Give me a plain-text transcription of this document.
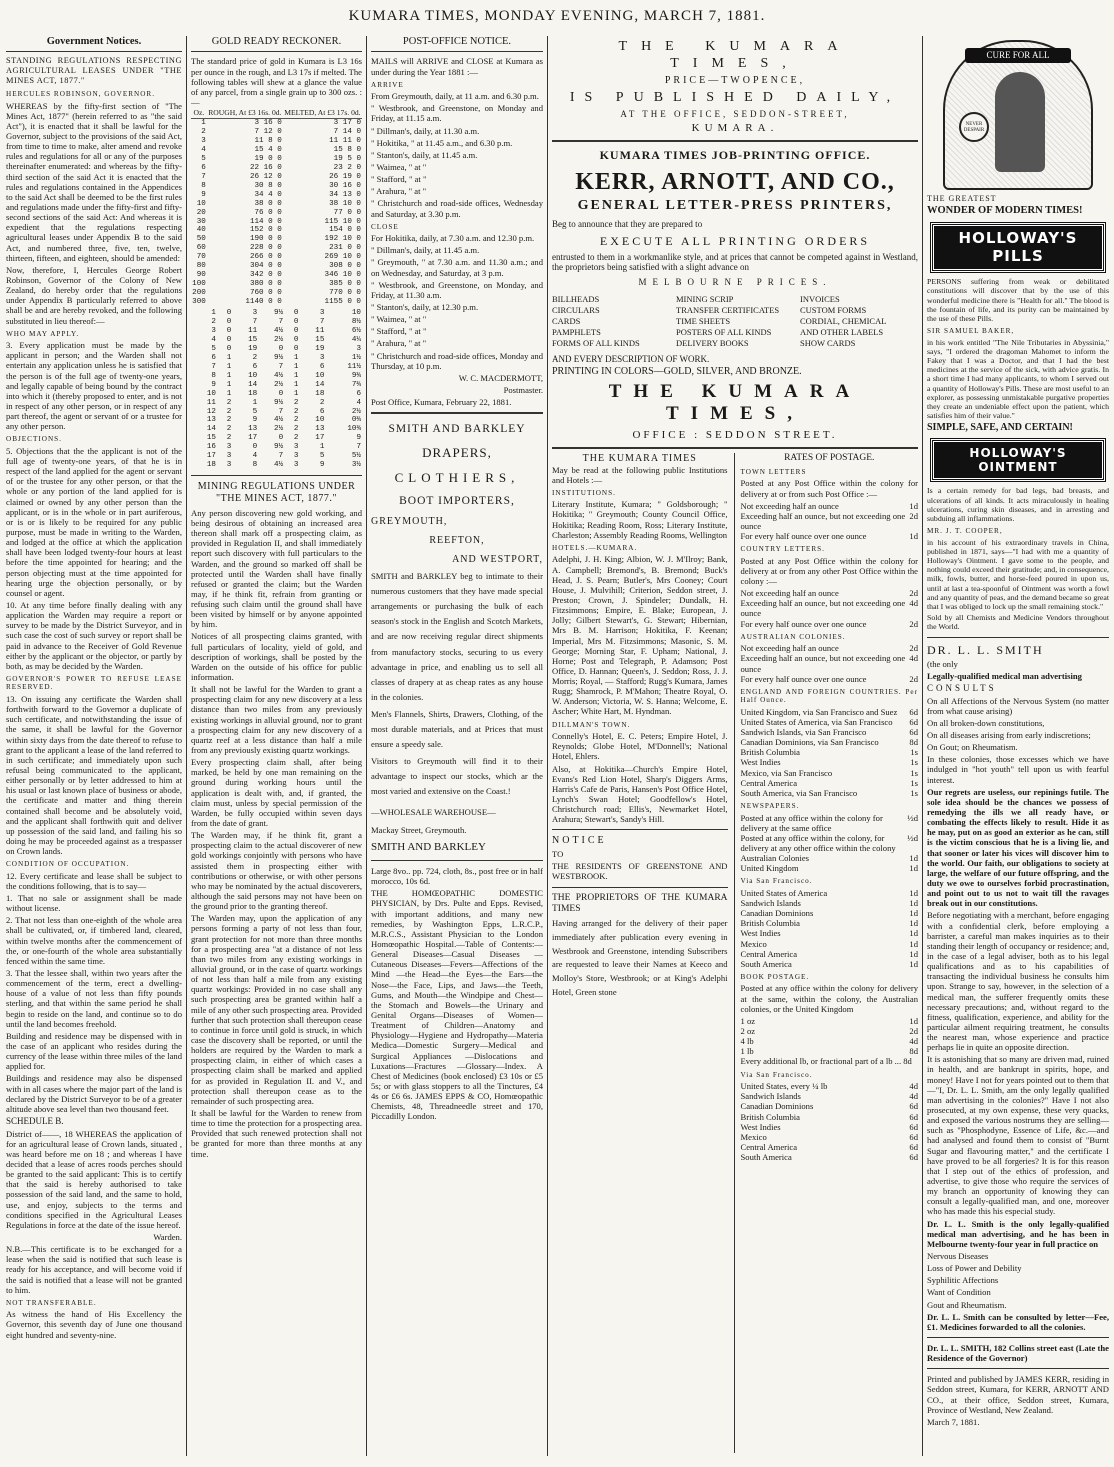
KUMARA TIMES, MONDAY EVENING, MARCH 7, 1881.
Government Notices.

STANDING REGULATIONS RESPECTING AGRICULTURAL LEASES UNDER "THE MINES ACT, 1877."

HERCULES ROBINSON, GOVERNOR.

WHEREAS by the fifty-first section of "The Mines Act, 1877" (herein referred to as "the said Act"), it is enacted that it shall be lawful for the Governor, subject to the provisions of the said Act, from time to time to make, alter amend and revoke rules and regulations for all or any of the purposes thereinafter enumerated: and whereas by the fifty-third section of the said Act it is enacted that the rules and regulations contained in the Appendices to the said Act shall be deemed to be the first rules and regulations made under the fifty-first and fifty-second sections of the said Act: And whereas it is expedient that the regulations respecting agricultural leases under Appendix B to the said Act, and numbered three, five, ten, twelve, thirteen, fifteen, and eighteen, should be amended:

Now, therefore, I, Hercules George Robert Robinson, Governor of the Colony of New Zealand, do hereby order that the regulations under Appendix B particularly referred to above shall be and are hereby revoked, and the following substituted in lieu thereof:—

WHO MAY APPLY.

3. Every application must be made by the applicant in person; and the Warden shall not entertain any application unless he is satisfied that the person is of the full age of twenty-one years, and legally capable of being bound by the contract into which it (thereby proposed to enter, and is not in respect of any other person, or in respect of any part thereof, the agent or servant of or a trustee for any other person.

OBJECTIONS.

5. Objections that the the applicant is not of the full age of twenty-one years, of that he is in respect of the land applied for the agent or servant of or the trustee for any other person, or that the whole or any portion of the land applied for is claimed or owned by any other person than the applicant, or is in the whole or in part auriferous, or is or is likely to be required for any public purpose, must be made in writing to the Warden, and lodged at the office at which the application shall have been lodged twenty-four hours at least before the time appointed for hearing; and the person objecting must at the time appointed for hearing urge the objection personally, or by counsel or agent.

10. At any time before finally dealing with any application the Warden may require a report or survey to be made by the District Surveyor, and in such case the cost of such survey or report shall be paid in advance to the Receiver of Gold Revenue either by the applicant or the objector, or partly by both, as may be decided by the Warden.

GOVERNOR'S POWER TO REFUSE LEASE RESERVED.

13. On issuing any certificate the Warden shall forthwith forward to the Governor a duplicate of such certificate, and notwithstanding the issue of the same, it shall be lawful for the Governor within sixty days from the date thereof to refuse to grant to the applicant a lease of the land referred to in such certificate; and immediately upon such refusal being communicated to the applicant, either personally or by letter addressed to him at his usual or last known place of business or abode, the certificate and matter and thing therein contained shall become and be absolutely void, and the applicant shall forthwith quit and deliver up possession of the said land, and failing his so doing he may be proceeded against as a trespasser on Crown lands.

CONDITION OF OCCUPATION.

12. Every certificate and lease shall be subject to the conditions following, that is to say—

1. That no sale or assignment shall be made without license.

2. That not less than one-eighth of the whole area shall be cultivated, or, if timbered land, cleared, within twelve months after the commencement of the, or one-fourth of the whole area substantially fenced within the same time.

3. That the lessee shall, within two years after the commencement of the term, erect a dwelling-house of a value of not less than fifty pounds sterling, and that within the same period he shall begin to reside on the land, and continue so to do until the land becomes freehold.

Building and residence may be dispensed with in the case of an applicant who resides during the currency of the lease within three miles of the land applied for.

Buildings and residence may also be dispensed with in all cases where the major part of the land is declared by the District Surveyor to be of a greater altitude above sea level than two thousand feet.

SCHEDULE B.

District of——, 18 WHEREAS the application of for an agricultural lease of Crown lands, situated , was heard before me on 18 ; and whereas I have decided that a lease of acres roods perches should be granted to the said applicant: This is to certify that the said is hereby authorised to take possession of the said land, and the same to hold, use, and enjoy, subjects to the terms and conditions specified in the Agricultural Leases Regulations in force at the date of the issue hereof.

Warden.

N.B.—This certificate is to be exchanged for a lease when the said is notified that such lease is ready for his acceptance, and will become void if the said is notified that a lease will not be granted to him.

NOT TRANSFERABLE.

As witness the hand of His Excellency the Governor, this seventh day of June one thousand eight hundred and seventy-nine.

GOLD READY RECKONER.

The standard price of gold in Kumara is L3 16s per ounce in the rough, and L3 17s if melted. The following tables will shew at a glance the value of any parcel, from a single grain up to 300 ozs. :—

Oz.	ROUGH, At £3 16s. 0d.	MELTED, At £3 17s. 0d.
1	3 16 0	3 17 0
2	7 12 0	7 14 0
3	11 8 0	11 11 0
4	15 4 0	15 8 0
5	19 0 0	19 5 0
6	22 16 0	23 2 0
7	26 12 0	26 19 0
8	30 8 0	30 16 0
9	34 4 0	34 13 0
10	38 0 0	38 10 0
20	76 0 0	77 0 0
30	114 0 0	115 10 0
40	152 0 0	154 0 0
50	190 0 0	192 10 0
60	228 0 0	231 0 0
70	266 0 0	269 10 0
80	304 0 0	308 0 0
90	342 0 0	346 10 0
100	380 0 0	385 0 0
200	760 0 0	770 0 0
300	1140 0 0	1155 0 0
1	0	3	9½	0	3	10
2	0	7	7	0	7	8½
3	0	11	4½	0	11	6½
4	0	15	2½	0	15	4¼
5	0	19	0	0	19	3
6	1	2	9½	1	3	1½
7	1	6	7	1	6	11½
8	1	10	4½	1	10	9¾
9	1	14	2½	1	14	7¾
10	1	18	0	1	18	6
11	2	1	9½	2	2	4
12	2	5	7	2	6	2½
13	2	9	4½	2	10	0¾
14	2	13	2½	2	13	10¾
15	2	17	0	2	17	9
16	3	0	9½	3	1	7
17	3	4	7	3	5	5½
18	3	8	4½	3	9	3½
MINING REGULATIONS UNDER "THE MINES ACT, 1877."

Any person discovering new gold working, and being desirous of obtaining an increased area thereon shall mark off a prospecting claim, as provided in Regulation II, and shall immediately report such discovery with full particulars to the Warden, and the ground so marked off shall be protected until the Warden shall have finally refused or granted the claim; but the Warden may, if he think fit, refrain from granting or refusing such claim until the ground shall have been visited by himself or by anyone appointed by him.

Notices of all prospecting claims granted, with full particulars of locality, yield of gold, and description of workings, shall be posted by the Warden on the outside of his office for public information.

It shall not be lawful for the Warden to grant a prospecting claim for any new discovery at a less distance than two miles from any previously existing workings in alluvial ground, nor to grant a prospecting claim for any new discovery of a quartz reef at a less distance than half a mile from any previously existing quartz workings.

Every prospecting claim shall, after being marked, be held by one man remaining on the ground during working hours until the application is dealt with, and, if granted, the claim must, unless by special permission of the Warden, be fully occupied within seven days from the date of grant.

The Warden may, if he think fit, grant a prospecting claim to the actual discoverer of new gold workings conjointly with persons who have assisted them in prospecting either with contributions or otherwise, or with other persons who may be nominated by the actual discoverers, although the said persons may not have been on the ground prior to the granting thereof.

The Warden may, upon the application of any persons forming a party of not less than four, grant protection for not more than three months for a prospecting area "at a distance of not less than two miles from any existing workings in alluvial ground, or in the case of quartz workings of not less than half a mile from any existing quartz workings: Provided in no case shall any such prospecting area be granted within half a mile of any other such prospecting area. Provided further that such protection shall thereupon cease to continue in force until gold is struck, in which case the discovery shall be reported, or until the holders are required by the Warden to mark a prospecting claim, in either of which cases a prospecting claim shall be marked and applied for as provided in Regulation II. and V., and protection shall thereupon cease as to the remainder of such prospecting area.

It shall be lawful for the Warden to renew from time to time the protection for a prospecting area. Provided that such renewed protection shall not be granted for more than three months at any time.

POST-OFFICE NOTICE.

MAILS will ARRIVE and CLOSE at Kumara as under during the Year 1881 :—

ARRIVE

From Greymouth, daily, at 11 a.m. and 6.30 p.m.

" Westbrook, and Greenstone, on Monday and Friday, at 11.15 a.m.

" Dillman's, daily, at 11.30 a.m.

" Hokitika, " at 11.45 a.m., and 6.30 p.m.

" Stanton's, daily, at 11.45 a.m.

" Waimea, " at "

" Stafford, " at "

" Arahura, " at "

" Christchurch and road-side offices, Wednesday and Saturday, at 3.30 p.m.

CLOSE

For Hokitika, daily, at 7.30 a.m. and 12.30 p.m.

" Dillman's, daily, at 11.45 a.m.

" Greymouth, " at 7.30 a.m. and 11.30 a.m.; and on Wednesday, and Saturday, at 3 p.m.

" Westbrook, and Greenstone, on Monday, and Friday, at 11.30 a.m.

" Stanton's, daily, at 12.30 p.m.

" Waimea, " at "

" Stafford, " at "

" Arahura, " at "

" Christchurch and road-side offices, Monday and Thursday, at 10 p.m.

W. C. MACDERMOTT,

Postmaster.

Post Office, Kumara, February 22, 1881.

SMITH AND BARKLEY
DRAPERS,
CLOTHIERS,
BOOT IMPORTERS,
GREYMOUTH,
REEFTON,
AND WESTPORT,

SMITH and BARKLEY beg to intimate to their numerous customers that they have made special arrangements or purchasing the bulk of each season's stock in the English and Scotch Markets, and are now receiving regular direct shipments from manufactory stocks, securing to us every advantage in price, and enabling us to sell all classes of drapery at as cheap rates as any house in the colonies.

Men's Flannels, Shirts, Drawers, Clothing, of the most durable materials, and at Prices that must ensure a speedy sale.

Visitors to Greymouth will find it to their advantage to inspect our stocks, which ar the most varied and extensive on the Coast.!

—WHOLESALE WAREHOUSE—

Mackay Street, Greymouth.

SMITH AND BARKLEY

Large 8vo.. pp. 724, cloth, 8s., post free or in half morocco, 10s 6d.

THE HOMŒOPATHIC DOMESTIC PHYSICIAN, by Drs. Pulte and Epps. Revised, with important additions, and many new remedies, by Washington Epps, L.R.C.P., M.R.C.S., Assistant Physician to the London Homœopathic Hospital.—Table of Contents:—General Diseases—Casual Diseases — Cutaneous Diseases—Fevers—Affections of the Mind —the Head—the Eyes—the Ears—the Nose—the Face, Lips, and Jaws—the Teeth, Gums, and Mouth—the Windpipe and Chest—the Stomach and Bowels—the Urinary and Genital Organs—Diseases of Women—Treatment of Children—Anatomy and Physiology—Hygiene and Hydropathy—Materia Medica—Domestic Surgery—Medical and Surgical Appliances —Dislocations and Luxations—Fractures —Glossary—Index. A Chest of Medicines (book enclosed) £3 10s or £5 5s; or with glass stoppers to all the Tinctures, £4 4s or £6 6s. JAMES EPPS & CO, Homœopathic Chemists, 48, Threadneedle street and 170, Piccadilly London.

THE KUMARA TIMES,
PRICE—TWOPENCE,
IS PUBLISHED DAILY,
AT THE OFFICE, SEDDON-STREET,
KUMARA.
KUMARA TIMES JOB-PRINTING OFFICE.
KERR, ARNOTT, AND CO.,
GENERAL LETTER-PRESS PRINTERS,

Beg to announce that they are prepared to

EXECUTE ALL PRINTING ORDERS

entrusted to them in a workmanlike style, and at prices that cannot be competed against in Westland, the proprietors being satisfied with a slight advance on

MELBOURNE PRICES.
BILLHEADS	MINING SCRIP	INVOICES
CIRCULARS	TRANSFER CERTIFICATES	CUSTOM FORMS
CARDS	TIME SHEETS	CORDIAL, CHEMICAL
PAMPHLETS	POSTERS OF ALL KINDS	AND OTHER LABELS
FORMS OF ALL KINDS	DELIVERY BOOKS	SHOW CARDS

AND EVERY DESCRIPTION OF WORK.

PRINTING IN COLORS—GOLD, SILVER, AND BRONZE.

THE KUMARA TIMES,
OFFICE : SEDDON STREET.
THE KUMARA TIMES

May be read at the following public Institutions and Hotels :—

INSTITUTIONS.

Literary Institute, Kumara; " Goldsborough; " Hokitika; " Greymouth; County Council Office, Hokitika; Reading Room, Ross; Literary Institute, Charleston; Assembly Reading Rooms, Wellington

HOTELS.—KUMARA.

Adelphi, J. H. King; Albion, W. J. M'Ilroy; Bank, A. Campbell; Bremond's, B. Bremond; Buck's Head, J. S. Pearn; Butler's, Mrs Cooney; Court House, J. Mulvihill; Criterion, Seddon street, J. Preston; Crown, J. Spindeler; Dundalk, H. Fitzsimmons; Empire, E. Blake; European, J. Jolly; Gilbert Stewart's, G. Stewart; Hibernian, Mrs B. M. Harrison; Hokitika, F. Keenan; Imperial, Mrs M. Fitzsimmons; Masonic, S. M. George; Morning Star, F. Upham; National, J. Horne; Post and Telegraph, P. Adamson; Post Office, D. Hannan; Queen's, J. Seddon; Ross, J. J. Morris; Royal, — Stafford; Rugg's Kumara, James Rugg; Shamrock, P. M'Mahon; Theatre Royal, O. W. Anderson; Victoria, W. S. Hanna; Welcome, E. Ascher; White Hart, M. Hyndman.

DILLMAN'S TOWN.

Connelly's Hotel, E. C. Peters; Empire Hotel, J. Reynolds; Globe Hotel, M'Donnell's; National Hotel, Ehlers.

Also, at Hokitika—Church's Empire Hotel, Evans's Red Lion Hotel, Sharp's Diggers Arms, Harris's Cafe de Paris, Hansen's Post Office Hotel, Lynch's Swan Hotel; Goodfellow's Hotel, Christchurch road; Ellis's, Newmarket Hotel, Arahura; Stewart's, Sandy's Hill.

NOTICE

TO

THE RESIDENTS OF GREENSTONE AND WESTBROOK.

THE PROPRIETORS OF THE KUMARA TIMES

Having arranged for the delivery of their paper immediately after publication every evening in Westbrook and Greenstone, intending Subscribers are requested to leave their Names at Keeco and Molloy's Store, Westbrook; or at King's Adelphi Hotel, Green stone

RATES OF POSTAGE.

TOWN LETTERS

Posted at any Post Office within the colony for delivery at or from such Post Office :—

Not exceeding half an ounce	1d
Exceeding half an ounce, but not exceeding one ounce
2d
For every half ounce over one ounce	1d

COUNTRY LETTERS.

Posted at any Post Office within the colony for delivery at or from any other Post Office within the colony :—

Not exceeding half an ounce	2d
Exceeding half an ounce, but not exceeding one ounce
4d
For every half ounce over one ounce	2d

AUSTRALIAN COLONIES.

Not exceeding half an ounce	2d
Exceeding half an ounce, but not exceeding one ounce
4d
For every half ounce over one ounce	2d

ENGLAND AND FOREIGN COUNTRIES. Per Half Ounce.

United Kingdom, via San Francisco and Suez 6d
United States of America, via San Francisco 6d
Sandwich Islands, via San Francisco	6d
Canadian Dominions, via San Francisco	8d
British Columbia	1s
West Indies	1s
Mexico, via San Francisco	1s
Central America	1s
South America, via San Francisco	1s

NEWSPAPERS.

Posted at any office within the colony for delivery at the same office
½d
Posted at any office within the colony, for delivery at any other office within the colony
½d
Australian Colonies	1d
United Kingdom	1d

Via San Francisco.

United States of America	1d
Sandwich Islands	1d
Canadian Dominions	1d
British Columbia	1d
West Indies	1d
Mexico	1d
Central America	1d
South America	1d

BOOK POSTAGE.

Posted at any office within the colony for delivery at the same, within the colony, the Australian colonies, or the United Kingdom

1 oz	1d
2 oz	2d
4 lb	4d
1 lb	8d

Every additional lb, or fractional part of a lb ... 8d

Via San Francisco.

United States, every ¼ lb	4d
Sandwich Islands	4d
Canadian Dominions	6d
British Columbia	6d
West Indies	6d
Mexico	6d
Central America	6d
South America	6d
CURE FOR ALL
NEVER DESPAIR

THE GREATEST

WONDER OF MODERN TIMES!

HOLLOWAY'S PILLS

PERSONS suffering from weak or debilitated constitutions will discover that by the use of this wonderful medicine there is "Health for all." The blood is the fountain of life, and its purity can be maintained by the use of these Pills.

SIR SAMUEL BAKER,

in his work entitled "The Nile Tributaries in Abyssinia," says, "I ordered the dragoman Mahomet to inform the Fakey that I was a Doctor, and that I had the best medicines at the service of the sick, with advice gratis. In a short time I had many applicants, to whom I served out a quantity of Holloway's Pills. These are most useful to an explorer, as possessing unmistakable purgative properties they create an undeniable effect upon the patient, which satisfies him of their value."

SIMPLE, SAFE, AND CERTAIN!

HOLLOWAY'S OINTMENT

Is a certain remedy for bad legs, bad breasts, and ulcerations of all kinds. It acts miraculously in healing ulcerations, curing skin diseases, and in arresting and subduing all inflammations.

MR. J. T. COOPER,

in his account of his extraordinary travels in China, published in 1871, says—"I had with me a quantity of Holloway's Ointment. I gave some to the people, and nothing could exceed their gratitude; and, in consequence, milk, fowls, butter, and horse-feed poured in upon us, until at last a tea-spoonful of Ointment was worth a fowl and any quantity of peas, and the demand became so great that I was obliged to lock up the small remaining stock."

Sold by all Chemists and Medicine Vendors throughout the World.

DR. L. L. SMITH

(the only

Legally-qualified medical man advertising

CONSULTS

On all Affections of the Nervous System (no matter from what cause arising)

On all broken-down constitutions,

On all diseases arising from early indiscretions;

On Gout; on Rheumatism.

In these colonies, those excesses which we have indulged in "hot youth" tell upon us with fearful interest.

Our regrets are useless, our repinings futile. The sole idea should be the chances we possess of remedying the ills we all ready have, or combating the effects likely to result. Hide it as he may, put on as good an exterior as he can, still is the victim conscious that he is a living lie, and that sooner or later his vices will discover him to the world. Our faith, our obligations to society at large, the welfare of our future offspring, and the duty we owe to ourselves forbid procrastination, and point out to us not to wait till the ravages break out in our constitutions.

Before negotiating with a merchant, before engaging with a confidential clerk, before employing a barrister, a careful man makes inquiries as to their standing their length of occupancy or residence; and, in the case of a legal adviser, both as to his legal qualifications and as to his capabilities of transacting the individual business he consults him upon. Strange to say, however, in the selection of a medical man, the sufferer frequently omits these necessary precautions; and, without regard to the fitness, qualification, experience, and ability for the particular ailment requiring treatment, he consults the nearest man, whose experience and practice perhaps lie in quite an opposite direction.

It is astonishing that so many are driven mad, ruined in health, and are bankrupt in spirits, hope, and money! Have I not for years pointed out to them that—"I, Dr. L. L. Smith, am the only legally qualified man advertising in the colonies?" Have I not also prosecuted, at my own expense, these very quacks, and exposed the various nostrums they are selling—such as "Phosphodyne, Essence of Life, &c.—and had analysed and found them to consist of "Burnt Sugar and flavouring matter," and the certificate I have proved to be all forgeries? It is for this reason that I step out of the ethics of profession, and advertise, to give those who require the services of my branch an opportunity of knowing they can consult a legally-qualified man, and one, moreover who has made this his especial study.

Dr. L. L. Smith is the only legally-qualified medical man advertising, and he has been in Melbourne twenty-four year in full practice on

Nervous Diseases

Loss of Power and Debility

Syphilitic Affections

Want of Condition

Gout and Rheumatism.

Dr. L. L. Smith can be consulted by letter—Fee, £1. Medicines forwarded to all the colonies.

Dr. L. L. SMITH, 182 Collins street east (Late the Residence of the Governor)

Printed and published by JAMES KERR, residing in Seddon street, Kumara, for KERR, ARNOTT AND CO., at their office, Seddon street, Kumara, Province of Westland, New Zealand.

March 7, 1881.
